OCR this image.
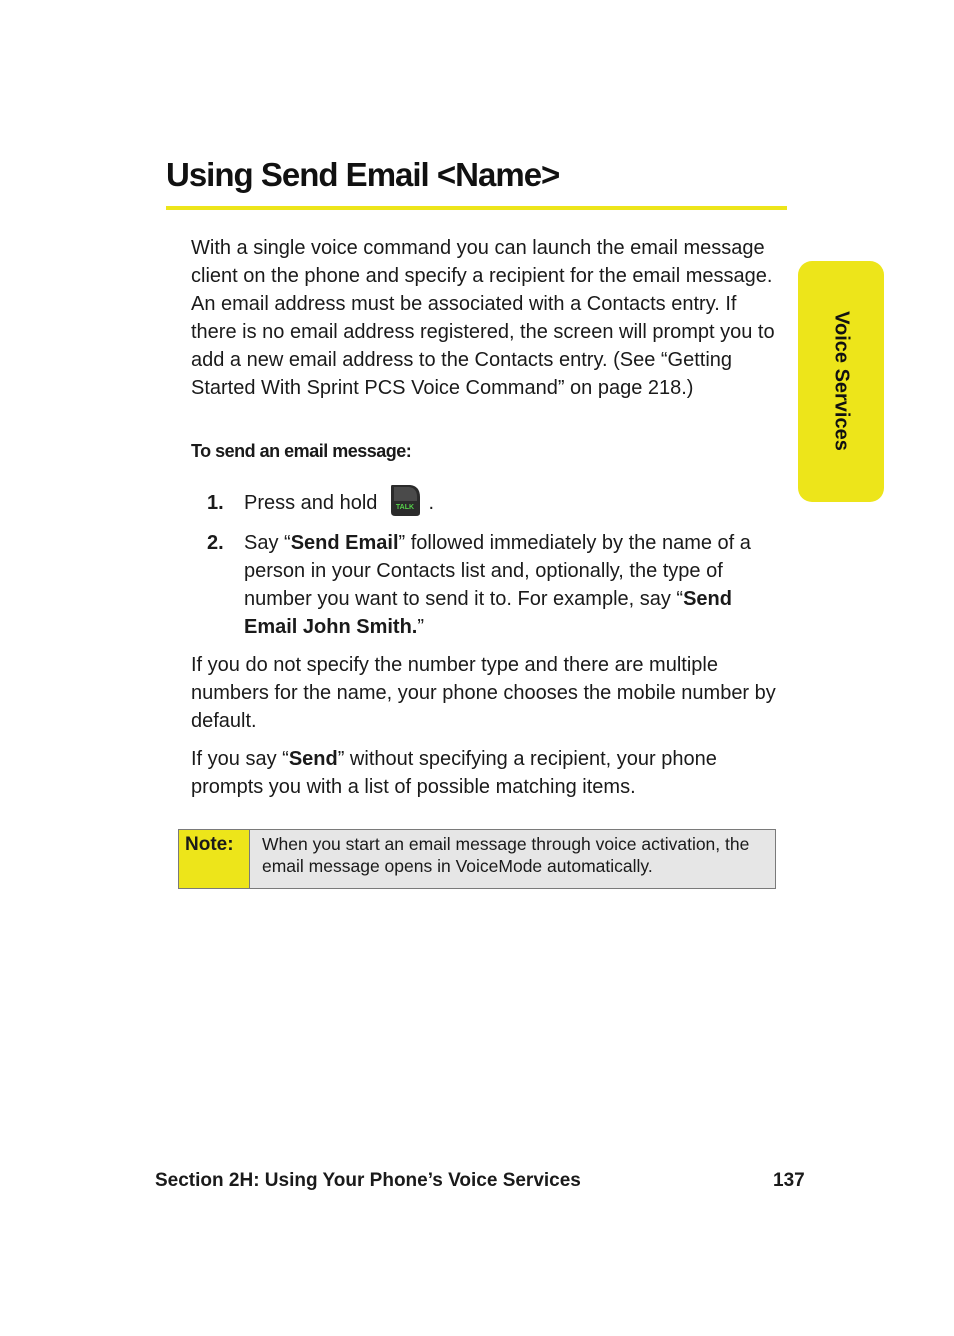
Using Send Email <Name>
Voice Services
With a single voice command you can launch the email message client on the phone and specify a recipient for the email message. An email address must be associated with a Contacts entry. If there is no email address registered, the screen will prompt you to add a new email address to the Contacts entry. (See “Getting Started With Sprint PCS Voice Command” on page 218.)
To send an email message:
1. Press and hold	TALK .
2. Say “Send Email” followed immediately by the name of a person in your Contacts list and, optionally, the type of number you want to send it to. For example, say “Send Email John Smith.”
If you do not specify the number type and there are multiple numbers for the name, your phone chooses the mobile number by default.
If you say “Send” without specifying a recipient, your phone prompts you with a list of possible matching items.
Note:	When you start an email message through voice activation, the email message opens in VoiceMode automatically.
Section 2H: Using Your Phone’s Voice Services	137
